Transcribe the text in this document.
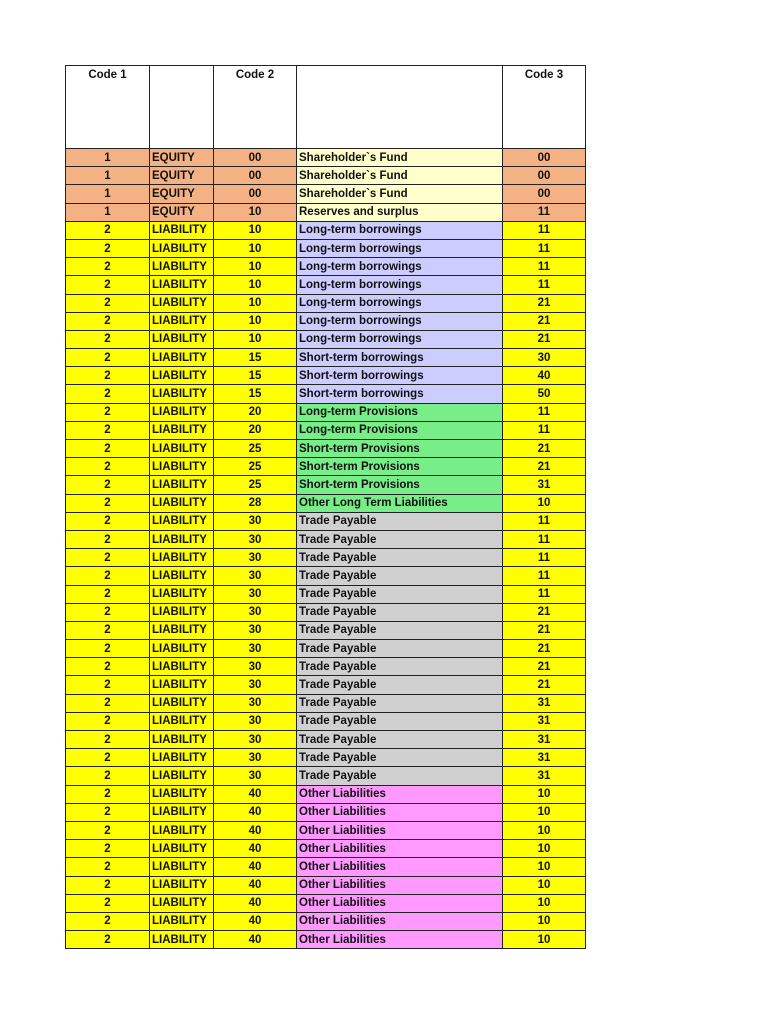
Code 1		Code 2		Code 3
1	EQUITY	00	Shareholder`s Fund	00
1	EQUITY	00	Shareholder`s Fund	00
1	EQUITY	00	Shareholder`s Fund	00
1	EQUITY	10	Reserves and surplus	11
2	LIABILITY	10	Long-term borrowings	11
2	LIABILITY	10	Long-term borrowings	11
2	LIABILITY	10	Long-term borrowings	11
2	LIABILITY	10	Long-term borrowings	11
2	LIABILITY	10	Long-term borrowings	21
2	LIABILITY	10	Long-term borrowings	21
2	LIABILITY	10	Long-term borrowings	21
2	LIABILITY	15	Short-term borrowings	30
2	LIABILITY	15	Short-term borrowings	40
2	LIABILITY	15	Short-term borrowings	50
2	LIABILITY	20	Long-term Provisions	11
2	LIABILITY	20	Long-term Provisions	11
2	LIABILITY	25	Short-term Provisions	21
2	LIABILITY	25	Short-term Provisions	21
2	LIABILITY	25	Short-term Provisions	31
2	LIABILITY	28	Other Long Term Liabilities	10
2	LIABILITY	30	Trade Payable	11
2	LIABILITY	30	Trade Payable	11
2	LIABILITY	30	Trade Payable	11
2	LIABILITY	30	Trade Payable	11
2	LIABILITY	30	Trade Payable	11
2	LIABILITY	30	Trade Payable	21
2	LIABILITY	30	Trade Payable	21
2	LIABILITY	30	Trade Payable	21
2	LIABILITY	30	Trade Payable	21
2	LIABILITY	30	Trade Payable	21
2	LIABILITY	30	Trade Payable	31
2	LIABILITY	30	Trade Payable	31
2	LIABILITY	30	Trade Payable	31
2	LIABILITY	30	Trade Payable	31
2	LIABILITY	30	Trade Payable	31
2	LIABILITY	40	Other Liabilities	10
2	LIABILITY	40	Other Liabilities	10
2	LIABILITY	40	Other Liabilities	10
2	LIABILITY	40	Other Liabilities	10
2	LIABILITY	40	Other Liabilities	10
2	LIABILITY	40	Other Liabilities	10
2	LIABILITY	40	Other Liabilities	10
2	LIABILITY	40	Other Liabilities	10
2	LIABILITY	40	Other Liabilities	10
